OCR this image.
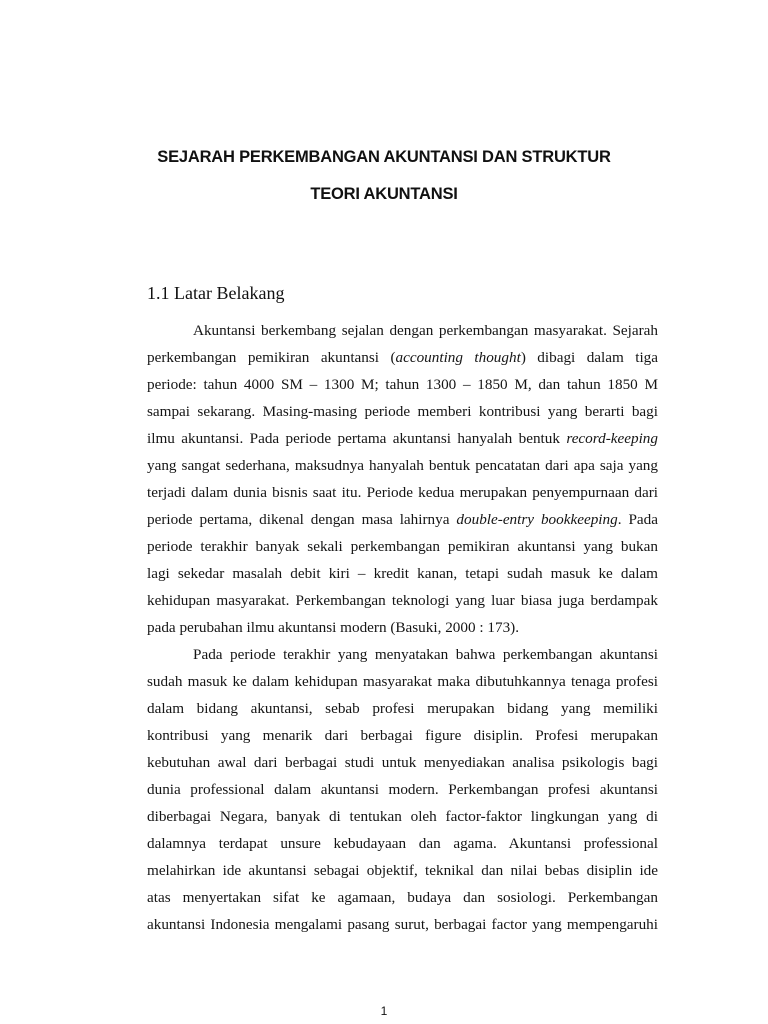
SEJARAH PERKEMBANGAN AKUNTANSI DAN STRUKTUR
TEORI AKUNTANSI
1.1 Latar Belakang
Akuntansi berkembang sejalan dengan perkembangan masyarakat. Sejarah
perkembangan pemikiran akuntansi (accounting thought) dibagi dalam tiga
periode: tahun 4000 SM – 1300 M; tahun 1300 – 1850 M, dan tahun 1850 M
sampai sekarang. Masing-masing periode memberi kontribusi yang berarti bagi
ilmu akuntansi. Pada periode pertama akuntansi hanyalah bentuk record-keeping
yang sangat sederhana, maksudnya hanyalah bentuk pencatatan dari apa saja yang
terjadi dalam dunia bisnis saat itu. Periode kedua merupakan penyempurnaan dari
periode pertama, dikenal dengan masa lahirnya double-entry bookkeeping. Pada
periode terakhir banyak sekali perkembangan pemikiran akuntansi yang bukan
lagi sekedar masalah debit kiri – kredit kanan, tetapi sudah masuk ke dalam
kehidupan masyarakat. Perkembangan teknologi yang luar biasa juga berdampak
pada perubahan ilmu akuntansi modern (Basuki, 2000 : 173).
Pada periode terakhir yang menyatakan bahwa perkembangan akuntansi
sudah masuk ke dalam kehidupan masyarakat maka dibutuhkannya tenaga profesi
dalam bidang akuntansi, sebab profesi merupakan bidang yang memiliki
kontribusi yang menarik dari berbagai figure disiplin. Profesi merupakan
kebutuhan awal dari berbagai studi untuk menyediakan analisa psikologis bagi
dunia professional dalam akuntansi modern. Perkembangan profesi akuntansi
diberbagai Negara, banyak di tentukan oleh factor-faktor lingkungan yang di
dalamnya terdapat unsure kebudayaan dan agama. Akuntansi professional
melahirkan ide akuntansi sebagai objektif, teknikal dan nilai bebas disiplin ide
atas menyertakan sifat ke agamaan, budaya dan sosiologi. Perkembangan
akuntansi Indonesia mengalami pasang surut, berbagai factor yang mempengaruhi
1
